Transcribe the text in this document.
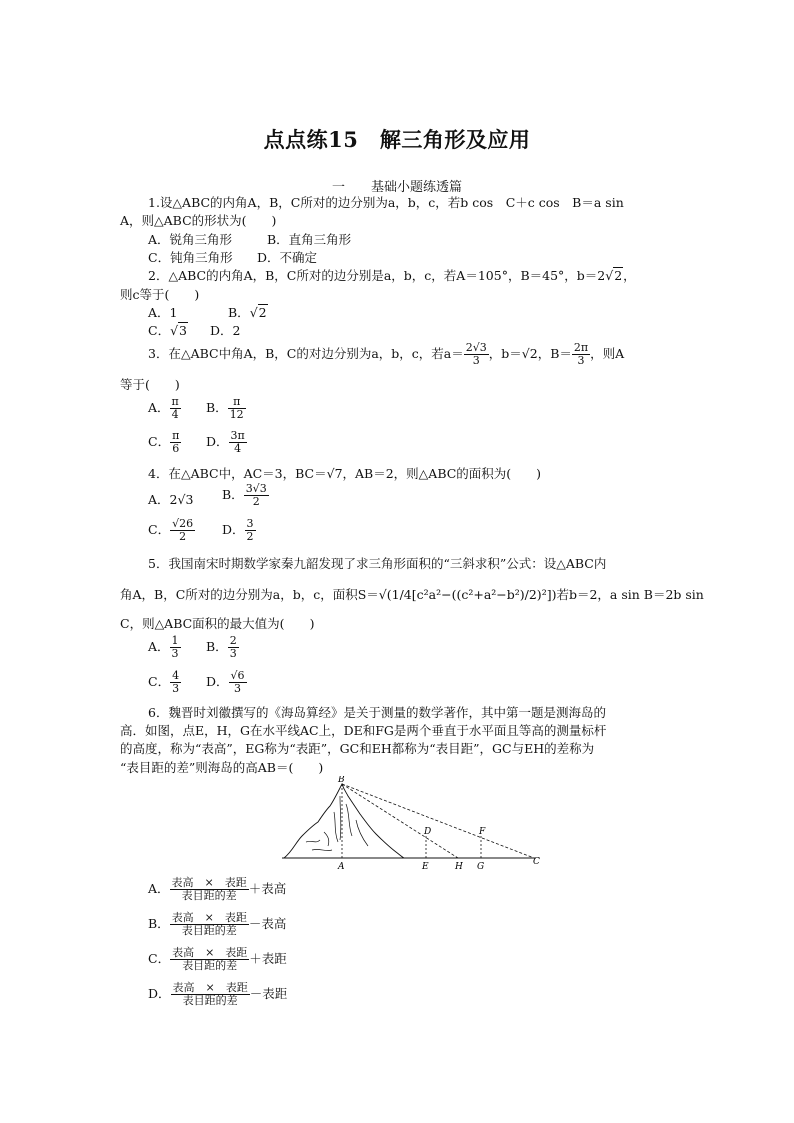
点点练15　解三角形及应用
一　　基础小题练透篇
1.设△ABC的内角A，B，C所对的边分别为a，b，c，若b cos　C＋c cos　B＝a sin
A，则△ABC的形状为(　　)
A．锐角三角形	B．直角三角形
C．钝角三角形 D．不确定
2．△ABC的内角A，B，C所对的边分别是a，b，c，若A＝105°，B＝45°，b＝2√2，
则c等于(　　)
A．1	B．√2
C．√3 D．2
3．在△ABC中角A，B，C的对边分别为a，b，c，若$a= \frac{2√3}{3}$ ，b＝√2，$B= \frac{2\pi}{3}$ ，则A
等于(　　)
A． $\frac{\pi}{4}$ B． $\frac{\pi}{12}$
C． $\frac{\pi}{6}$ D． $\frac{3\pi}{4}$
4．在△ABC中，AC＝3，BC＝√7，AB＝2，则△ABC的面积为(　　)
A．2√3 B． $\frac{3√3}{2}$
C． $\frac{√26}{2}$ D． $\frac{3}{2}$
5．我国南宋时期数学家秦九韶发现了求三角形面积的“三斜求积”公式：设△ABC内
角A，B，C所对的边分别为a，b，c，面积S＝√(1/4[c²a²−((c²+a²−b²)/2)²])若b＝2，a sin B＝2b sin
C，则△ABC面积的最大值为(　　)
A． $\frac{1}{3}$ B． $\frac{2}{3}$
C． $\frac{4}{3}$ D． $\frac{√6}{3}$
6．魏晋时刘徽撰写的《海岛算经》是关于测量的数学著作，其中第一题是测海岛的
高．如图，点E，H，G在水平线AC上，DE和FG是两个垂直于水平面且等高的测量标杆
的高度，称为“表高”，EG称为“表距”，GC和EH都称为“表目距”，GC与EH的差称为
“表目距的差”则海岛的高AB＝(　　)
B
D	F
A	E	H G	C
A． $\frac{\text{表高　×　表距}}{\text{表目距的差}}$ ＋表高
B． $\frac{\text{表高　×　表距}}{\text{表目距的差}}$ －表高
C． $\frac{\text{表高　×　表距}}{\text{表目距的差}}$ ＋表距
D． $\frac{\text{表高　×　表距}}{\text{表目距的差}}$ －表距
